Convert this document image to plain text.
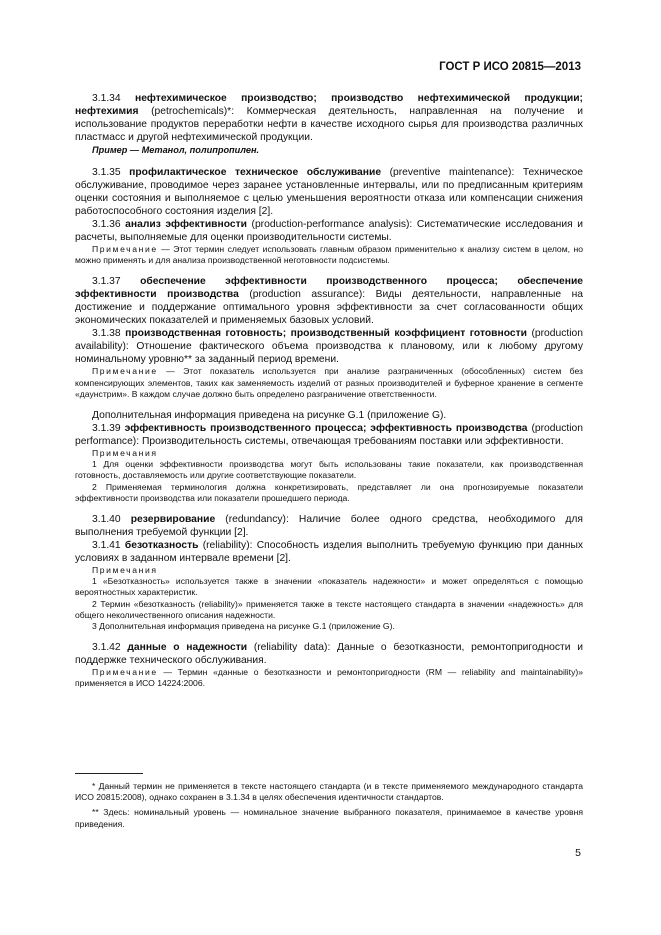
ГОСТ Р ИСО 20815—2013

3.1.34 нефтехимическое производство; производство нефтехимической продукции; нефтехимия (petrochemicals)*: Коммерческая деятельность, направленная на получение и использование продуктов переработки нефти в качестве исходного сырья для производства различных пластмасс и другой нефтехимической продукции.

Пример — Метанол, полипропилен.

3.1.35 профилактическое техническое обслуживание (preventive maintenance): Техническое обслуживание, проводимое через заранее установленные интервалы, или по предписанным критериям оценки состояния и выполняемое с целью уменьшения вероятности отказа или компенсации снижения работоспособного состояния изделия [2].

3.1.36 анализ эффективности (production-performance analysis): Систематические исследования и расчеты, выполняемые для оценки производительности системы.

Примечание — Этот термин следует использовать главным образом применительно к анализу систем в целом, но можно применять и для анализа производственной неготовности подсистемы.

3.1.37 обеспечение эффективности производственного процесса; обеспечение эффективности производства (production assurance): Виды деятельности, направленные на достижение и поддержание оптимального уровня эффективности за счет согласованности общих экономических показателей и применяемых базовых условий.

3.1.38 производственная готовность; производственный коэффициент готовности (production availability): Отношение фактического объема производства к плановому, или к любому другому номинальному уровню** за заданный период времени.

Примечание — Этот показатель используется при анализе разграниченных (обособленных) систем без компенсирующих элементов, таких как заменяемость изделий от разных производителей и буферное хранение в сегменте «даунстрим». В каждом случае должно быть определено разграничение ответственности.

Дополнительная информация приведена на рисунке G.1 (приложение G).

3.1.39 эффективность производственного процесса; эффективность производства (production performance): Производительность системы, отвечающая требованиям поставки или эффективности.

Примечания

1 Для оценки эффективности производства могут быть использованы такие показатели, как производственная готовность, доставляемость или другие соответствующие показатели.

2 Применяемая терминология должна конкретизировать, представляет ли она прогнозируемые показатели эффективности производства или показатели прошедшего периода.

3.1.40 резервирование (redundancy): Наличие более одного средства, необходимого для выполнения требуемой функции [2].

3.1.41 безотказность (reliability): Способность изделия выполнить требуемую функцию при данных условиях в заданном интервале времени [2].

Примечания

1 «Безотказность» используется также в значении «показатель надежности» и может определяться с помощью вероятностных характеристик.

2 Термин «безотказность (reliability)» применяется также в тексте настоящего стандарта в значении «надежность» для общего неколичественного описания надежности.

3 Дополнительная информация приведена на рисунке G.1 (приложение G).

3.1.42 данные о надежности (reliability data): Данные о безотказности, ремонтопригодности и поддержке технического обслуживания.

Примечание — Термин «данные о безотказности и ремонтопригодности (RM — reliability and maintainability)» применяется в ИСО 14224:2006.

* Данный термин не применяется в тексте настоящего стандарта (и в тексте применяемого международного стандарта ИСО 20815:2008), однако сохранен в 3.1.34 в целях обеспечения идентичности стандартов.

** Здесь: номинальный уровень — номинальное значение выбранного показателя, принимаемое в качестве уровня приведения.

5
